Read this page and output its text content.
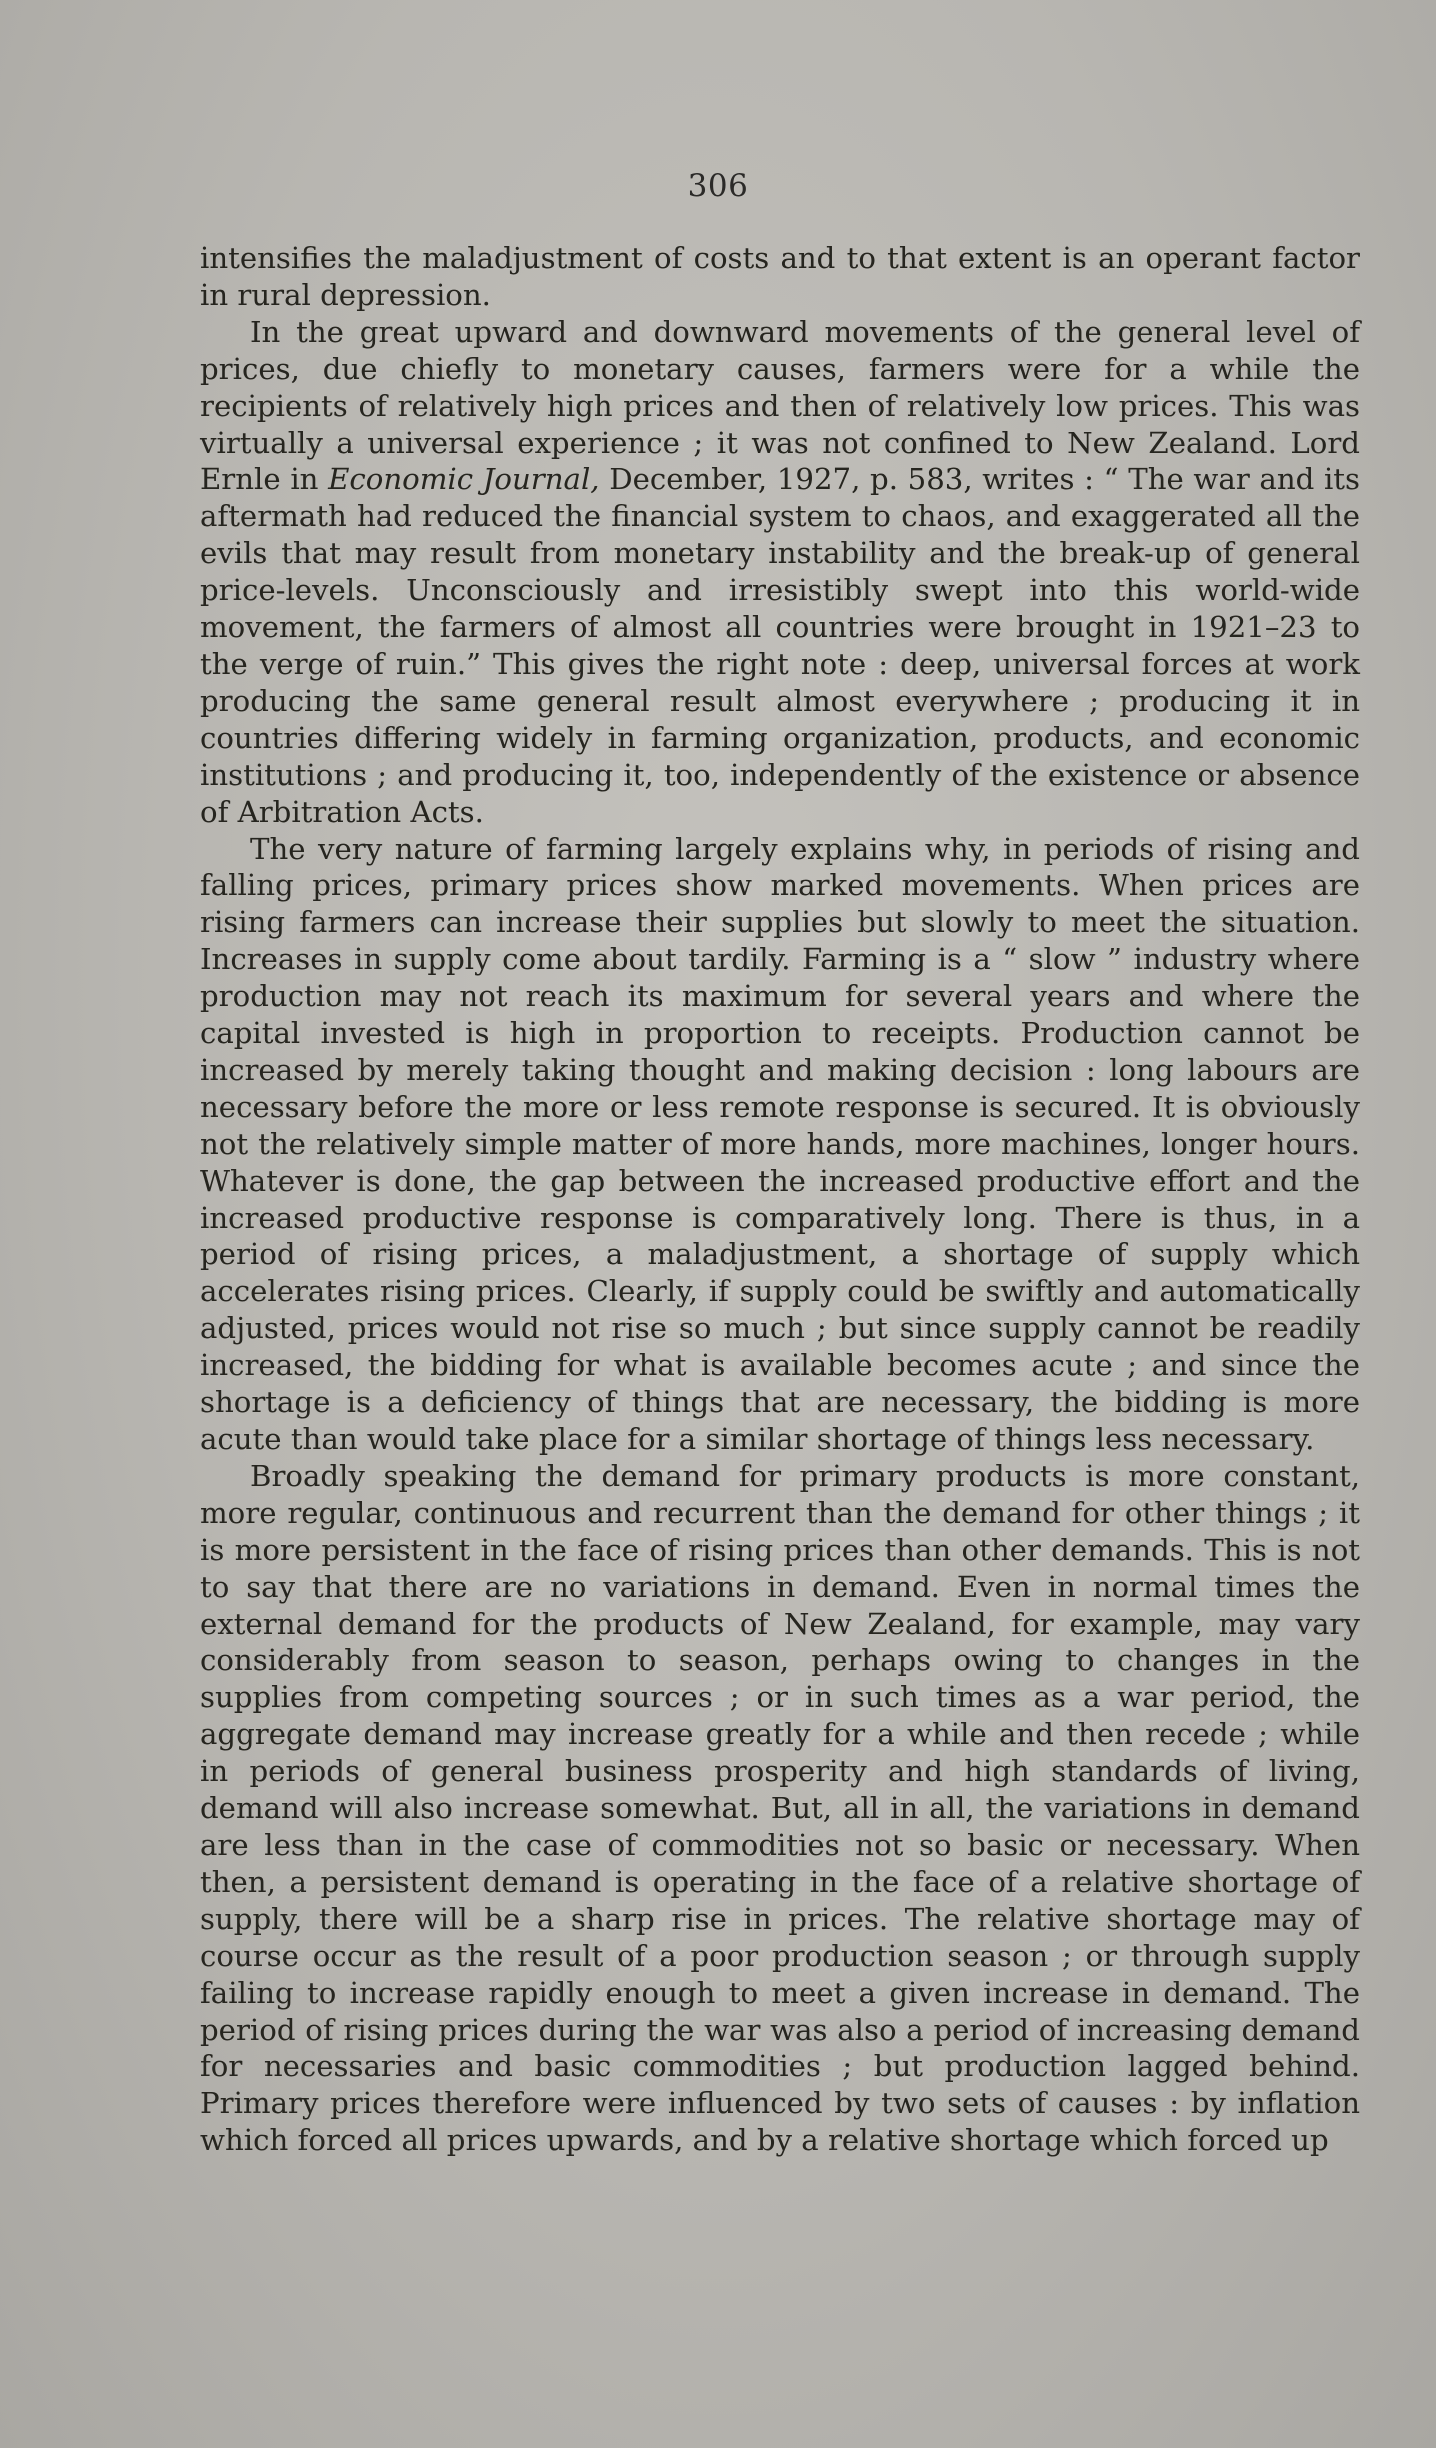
306

intensifies the maladjustment of costs and to that extent is an operant factor in rural depression.

In the great upward and downward movements of the general level of prices, due chiefly to monetary causes, farmers were for a while the recipients of relatively high prices and then of relatively low prices. This was virtually a universal experience ; it was not confined to New Zealand. Lord Ernle in Economic Journal, December, 1927, p. 583, writes : “ The war and its aftermath had reduced the financial system to chaos, and exaggerated all the evils that may result from monetary instability and the break-up of general price-levels. Unconsciously and irresistibly swept into this world-wide movement, the farmers of almost all countries were brought in 1921–23 to the verge of ruin.” This gives the right note : deep, universal forces at work producing the same general result almost everywhere ; producing it in countries differing widely in farming organization, products, and economic institutions ; and producing it, too, independently of the existence or absence of Arbitration Acts.

The very nature of farming largely explains why, in periods of rising and falling prices, primary prices show marked movements. When prices are rising farmers can increase their supplies but slowly to meet the situation. Increases in supply come about tardily. Farming is a “ slow ” industry where production may not reach its maximum for several years and where the capital invested is high in proportion to receipts. Production cannot be increased by merely taking thought and making decision : long labours are necessary before the more or less remote response is secured. It is obviously not the relatively simple matter of more hands, more machines, longer hours. Whatever is done, the gap between the increased productive effort and the increased productive response is comparatively long. There is thus, in a period of rising prices, a maladjustment, a shortage of supply which accelerates rising prices. Clearly, if supply could be swiftly and automatically adjusted, prices would not rise so much ; but since supply cannot be readily increased, the bidding for what is available becomes acute ; and since the shortage is a deficiency of things that are necessary, the bidding is more acute than would take place for a similar shortage of things less necessary.

Broadly speaking the demand for primary products is more constant, more regular, continuous and recurrent than the demand for other things ; it is more persistent in the face of rising prices than other demands. This is not to say that there are no variations in demand. Even in normal times the external demand for the products of New Zealand, for example, may vary considerably from season to season, perhaps owing to changes in the supplies from competing sources ; or in such times as a war period, the aggregate demand may increase greatly for a while and then recede ; while in periods of general business prosperity and high standards of living, demand will also increase somewhat. But, all in all, the variations in demand are less than in the case of commodities not so basic or necessary. When then, a persistent demand is operating in the face of a relative shortage of supply, there will be a sharp rise in prices. The relative shortage may of course occur as the result of a poor production season ; or through supply failing to increase rapidly enough to meet a given increase in demand. The period of rising prices during the war was also a period of increasing demand for necessaries and basic commodities ; but production lagged behind. Primary prices therefore were influenced by two sets of causes : by inflation which forced all prices upwards, and by a relative shortage which forced up
